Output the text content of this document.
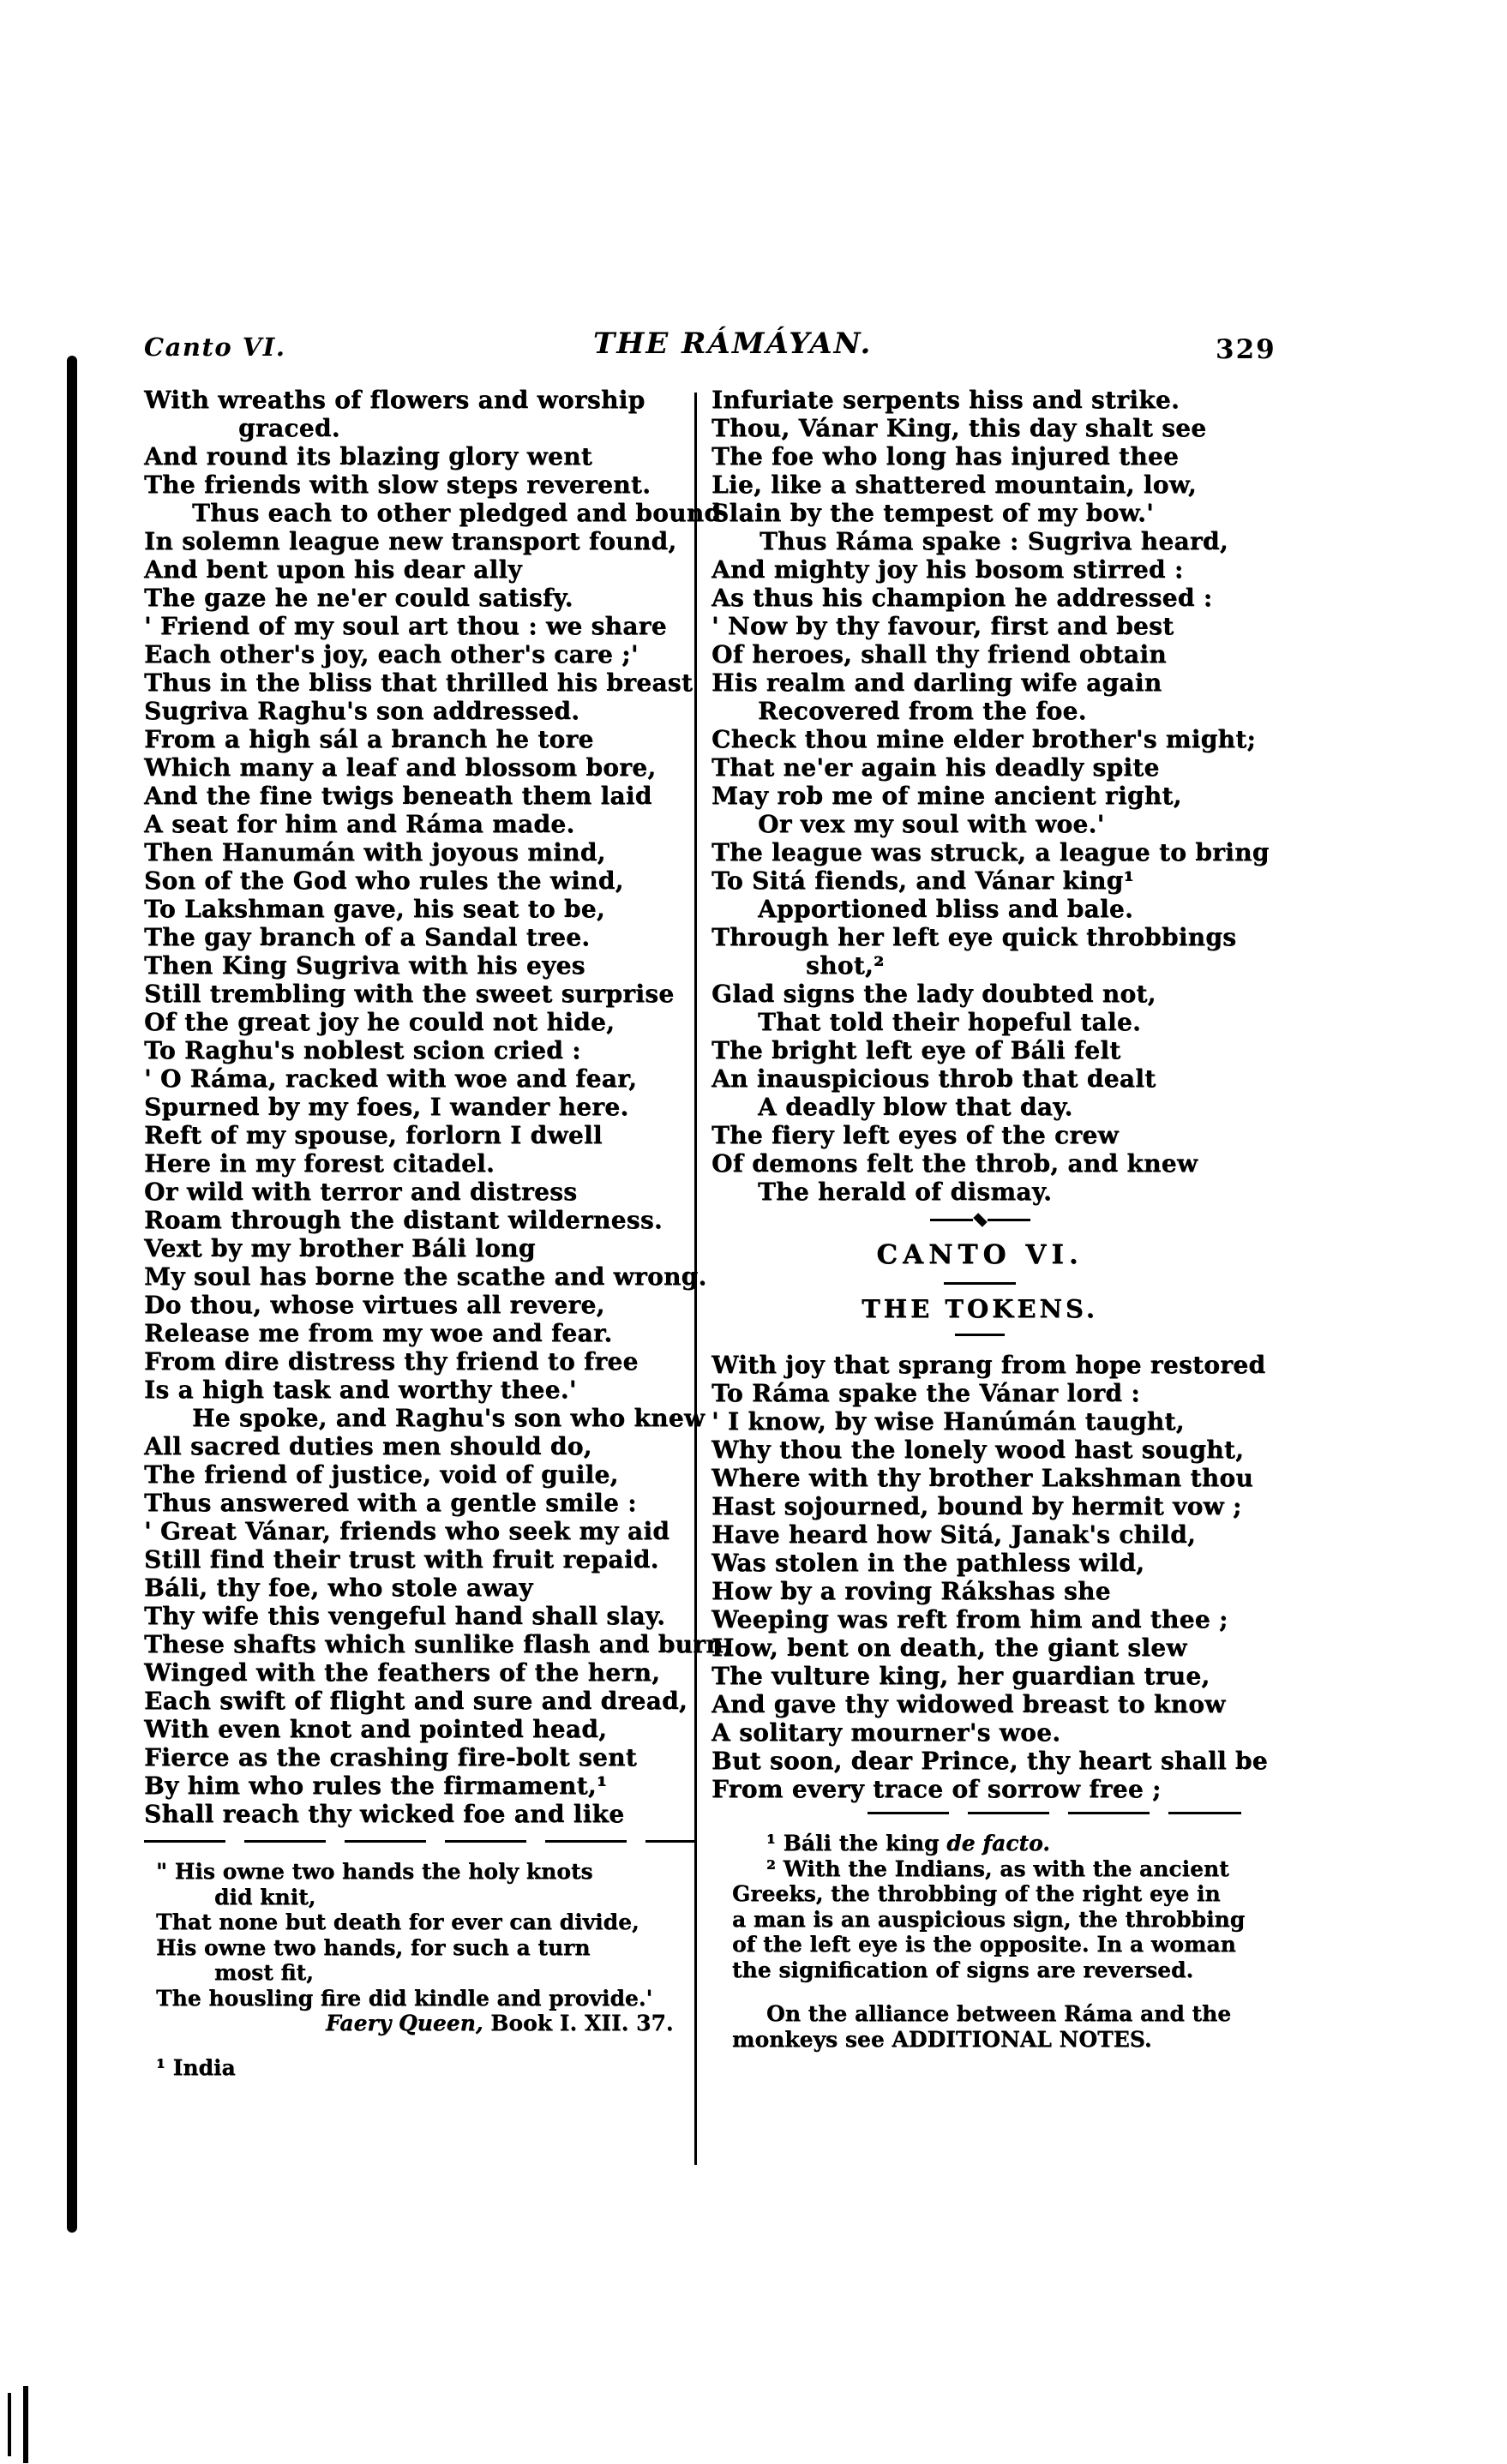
Canto VI.	THE RÁMÁYAN.	329
With wreaths of flowers and worship
graced.
And round its blazing glory went
The friends with slow steps reverent.
Thus each to other pledged and bound
In solemn league new transport found,
And bent upon his dear ally
The gaze he ne'er could satisfy.
' Friend of my soul art thou : we share
Each other's joy, each other's care ;'
Thus in the bliss that thrilled his breast
Sugriva Raghu's son addressed.
From a high sál a branch he tore
Which many a leaf and blossom bore,
And the fine twigs beneath them laid
A seat for him and Ráma made.
Then Hanumán with joyous mind,
Son of the God who rules the wind,
To Lakshman gave, his seat to be,
The gay branch of a Sandal tree.
Then King Sugriva with his eyes
Still trembling with the sweet surprise
Of the great joy he could not hide,
To Raghu's noblest scion cried :
' O Ráma, racked with woe and fear,
Spurned by my foes, I wander here.
Reft of my spouse, forlorn I dwell
Here in my forest citadel.
Or wild with terror and distress
Roam through the distant wilderness.
Vext by my brother Báli long
My soul has borne the scathe and wrong.
Do thou, whose virtues all revere,
Release me from my woe and fear.
From dire distress thy friend to free
Is a high task and worthy thee.'
He spoke, and Raghu's son who knew
All sacred duties men should do,
The friend of justice, void of guile,
Thus answered with a gentle smile :
' Great Vánar, friends who seek my aid
Still find their trust with fruit repaid.
Báli, thy foe, who stole away
Thy wife this vengeful hand shall slay.
These shafts which sunlike flash and burn,
Winged with the feathers of the hern,
Each swift of flight and sure and dread,
With even knot and pointed head,
Fierce as the crashing fire-bolt sent
By him who rules the firmament,¹
Shall reach thy wicked foe and like
" His owne two hands the holy knots
did knit,
That none but death for ever can divide,
His owne two hands, for such a turn
most fit,
The housling fire did kindle and provide.'
Faery Queen, Book I. XII. 37.
¹ India
Infuriate serpents hiss and strike.
Thou, Vánar King, this day shalt see
The foe who long has injured thee
Lie, like a shattered mountain, low,
Slain by the tempest of my bow.'
Thus Ráma spake : Sugriva heard,
And mighty joy his bosom stirred :
As thus his champion he addressed :
' Now by thy favour, first and best
Of heroes, shall thy friend obtain
His realm and darling wife again
Recovered from the foe.
Check thou mine elder brother's might;
That ne'er again his deadly spite
May rob me of mine ancient right,
Or vex my soul with woe.'
The league was struck, a league to bring
To Sitá fiends, and Vánar king¹
Apportioned bliss and bale.
Through her left eye quick throbbings
shot,²
Glad signs the lady doubted not,
That told their hopeful tale.
The bright left eye of Báli felt
An inauspicious throb that dealt
A deadly blow that day.
The fiery left eyes of the crew
Of demons felt the throb, and knew
The herald of dismay.
CANTO VI.
THE TOKENS.
With joy that sprang from hope restored
To Ráma spake the Vánar lord :
' I know, by wise Hanúmán taught,
Why thou the lonely wood hast sought,
Where with thy brother Lakshman thou
Hast sojourned, bound by hermit vow ;
Have heard how Sitá, Janak's child,
Was stolen in the pathless wild,
How by a roving Rákshas she
Weeping was reft from him and thee ;
How, bent on death, the giant slew
The vulture king, her guardian true,
And gave thy widowed breast to know
A solitary mourner's woe.
But soon, dear Prince, thy heart shall be
From every trace of sorrow free ;
¹ Báli the king de facto.
² With the Indians, as with the ancient
Greeks, the throbbing of the right eye in
a man is an auspicious sign, the throbbing
of the left eye is the opposite. In a woman
the signification of signs are reversed.
On the alliance between Ráma and the
monkeys see ADDITIONAL NOTES.
